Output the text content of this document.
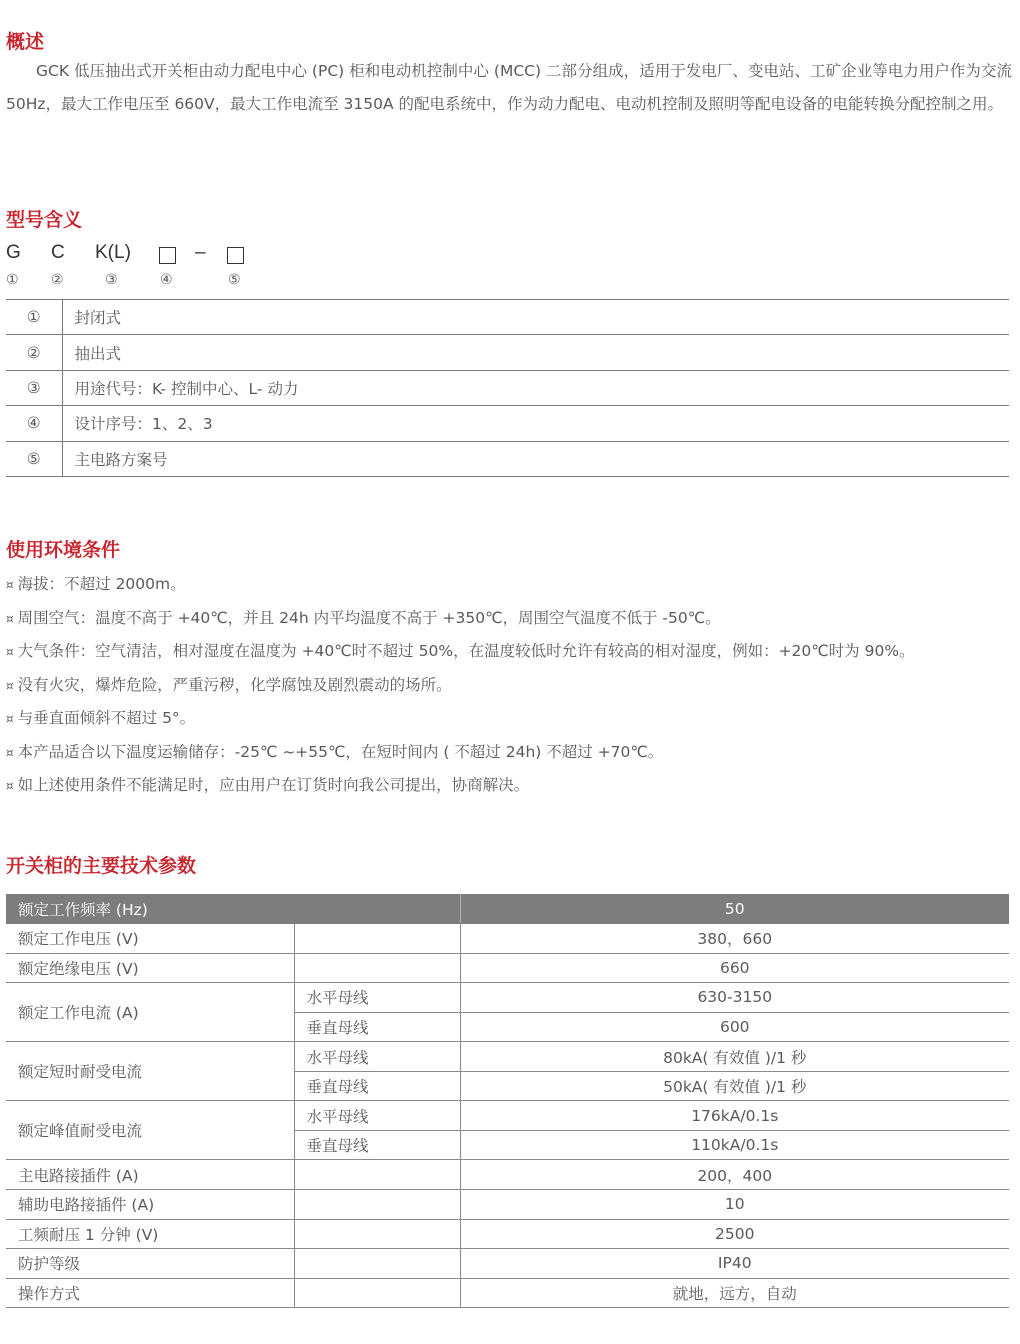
概述

GCK 低压抽出式开关柜由动力配电中心 (PC) 柜和电动机控制中心 (MCC) 二部分组成，适用于发电厂、变电站、工矿企业等电力用户作为交流 50Hz，最大工作电压至 660V，最大工作电流至 3150A 的配电系统中，作为动力配电、电动机控制及照明等配电设备的电能转换分配控制之用。

型号含义
G C K(L)	–
① ②	③	④	⑤
①	封闭式
②	抽出式
③	用途代号：K- 控制中心、L- 动力
④	设计序号：1、2、3
⑤	主电路方案号
使用环境条件
¤ 海拔：不超过 2000m。
¤ 周围空气：温度不高于 +40℃，并且 24h 内平均温度不高于 +350℃，周围空气温度不低于 -50℃。
¤ 大气条件：空气清洁，相对湿度在温度为 +40℃时不超过 50%，在温度较低时允许有较高的相对湿度，例如：+20℃时为 90%。
¤ 没有火灾，爆炸危险，严重污秽，化学腐蚀及剧烈震动的场所。
¤ 与垂直面倾斜不超过 5°。
¤ 本产品适合以下温度运输储存：-25℃ ~+55℃，在短时间内 ( 不超过 24h) 不超过 +70℃。
¤ 如上述使用条件不能满足时，应由用户在订货时向我公司提出，协商解决。
开关柜的主要技术参数
额定工作频率 (Hz)		50
额定工作电压 (V)		380，660
额定绝缘电压 (V)		660
额定工作电流 (A)	水平母线	630-3150
	垂直母线	600
额定短时耐受电流	水平母线	80kA( 有效值 )/1 秒
	垂直母线	50kA( 有效值 )/1 秒
额定峰值耐受电流	水平母线	176kA/0.1s
	垂直母线	110kA/0.1s
主电路接插件 (A)		200，400
辅助电路接插件 (A)		10
工频耐压 1 分钟 (V)		2500
防护等级		IP40
操作方式		就地，远方，自动
